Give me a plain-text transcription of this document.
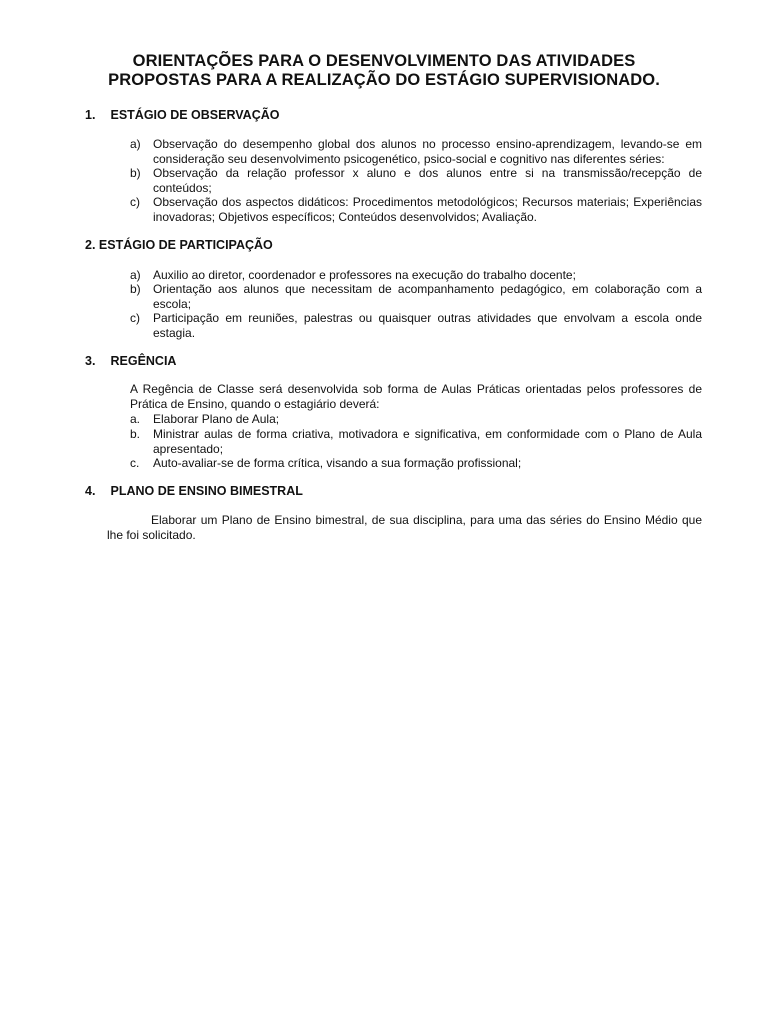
ORIENTAÇÕES PARA O DESENVOLVIMENTO DAS ATIVIDADES
PROPOSTAS PARA A REALIZAÇÃO DO ESTÁGIO SUPERVISIONADO.
1. ESTÁGIO DE OBSERVAÇÃO
a) Observação do desempenho global dos alunos no processo ensino-aprendizagem, levando-se em consideração seu desenvolvimento psicogenético, psico-social e cognitivo nas diferentes séries:
b) Observação da relação professor x aluno e dos alunos entre si na transmissão/recepção de conteúdos;
c) Observação dos aspectos didáticos: Procedimentos metodológicos; Recursos materiais; Experiências inovadoras; Objetivos específicos; Conteúdos desenvolvidos; Avaliação.
2. ESTÁGIO DE PARTICIPAÇÃO
a) Auxilio ao diretor, coordenador e professores na execução do trabalho docente;
b) Orientação aos alunos que necessitam de acompanhamento pedagógico, em colaboração com a escola;
c) Participação em reuniões, palestras ou quaisquer outras atividades que envolvam a escola onde estagia.
3. REGÊNCIA
A Regência de Classe será desenvolvida sob forma de Aulas Práticas orientadas pelos professores de Prática de Ensino, quando o estagiário deverá:
a. Elaborar Plano de Aula;
b. Ministrar aulas de forma criativa, motivadora e significativa, em conformidade com o Plano de Aula apresentado;
c. Auto-avaliar-se de forma crítica, visando a sua formação profissional;
4. PLANO DE ENSINO BIMESTRAL
Elaborar um Plano de Ensino bimestral, de sua disciplina, para uma das séries do Ensino Médio que lhe foi solicitado.
